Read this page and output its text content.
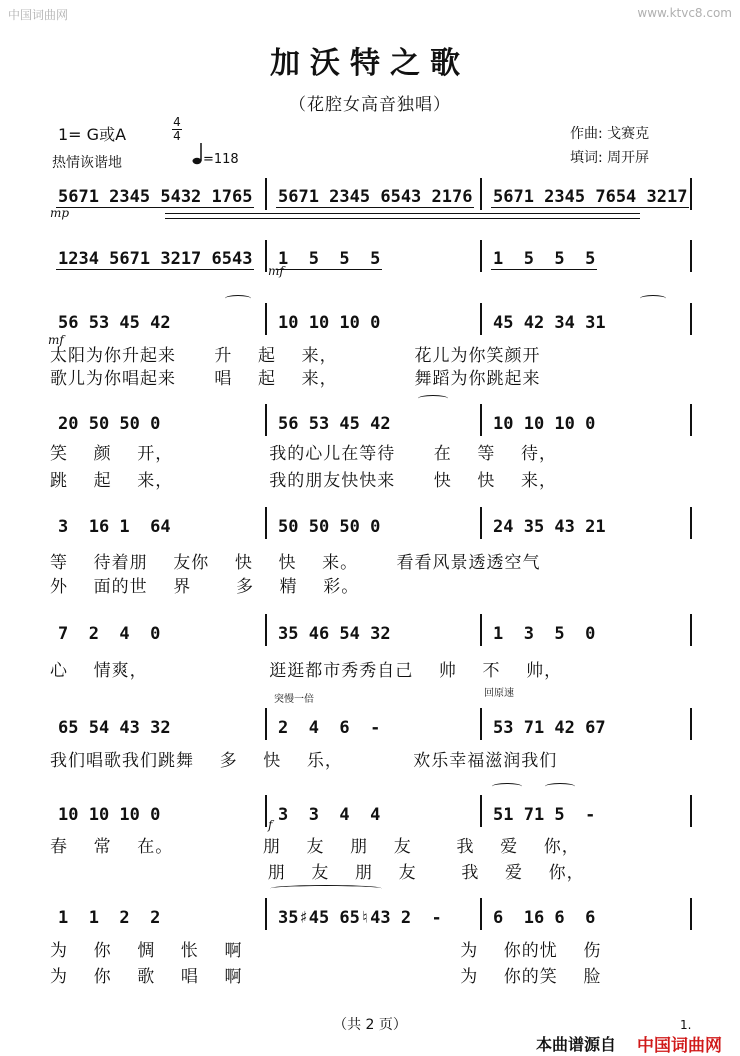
中国词曲网	www.ktvc8.com
加沃特之歌
（花腔女高音独唱）
1= G或A	$\frac{4}{4}$
热情诙谐地	=118
作曲: 戈赛克
填词: 周开屏
5671 2345 5432 1765 5671 2345 6543 2176 5671 2345 7654 3217
1234 5671 3217 6543 1  5  5  5	1  5  5  5
56 53 45 42	10 10 10 0	45 42 34 31
20 50 50 0	56 53 45 42	10 10 10 0
3  16 1  64	50 50 50 0	24 35 43 21
7  2  4  0	35 46 54 32	1  3  5  0
65 54 43 32	2  4  6  -	53 71 42 67
10 10 10 0	3  3  4  4	51 71 5  -
1  1  2  2	35♯45 65♮43 2  -	6  16 6  6
太阳为你升起来      升    起    来，            花儿为你笑颜开
歌儿为你唱起来      唱    起    来，            舞蹈为你跳起来
笑    颜    开，               我的心儿在等待      在    等    待，
跳    起    来，               我的朋友快快来      快    快    来，
等    待着朋    友你    快    快    来。      看看风景透透空气
外    面的世    界       多    精    彩。
心    情爽，                   逛逛都市秀秀自己    帅    不    帅，
我们唱歌我们跳舞    多    快    乐，           欢乐幸福滋润我们
春    常    在。              朋    友    朋    友       我    爱    你，
朋    友    朋    友       我    爱    你，
为    你    惆    怅    啊                                  为    你的忧    伤
为    你    歌    唱    啊                                  为    你的笑    脸
mp
mf
mf
f
突慢一倍
回原速
（共 2 页）	1.
本曲谱源自 中国词曲网
